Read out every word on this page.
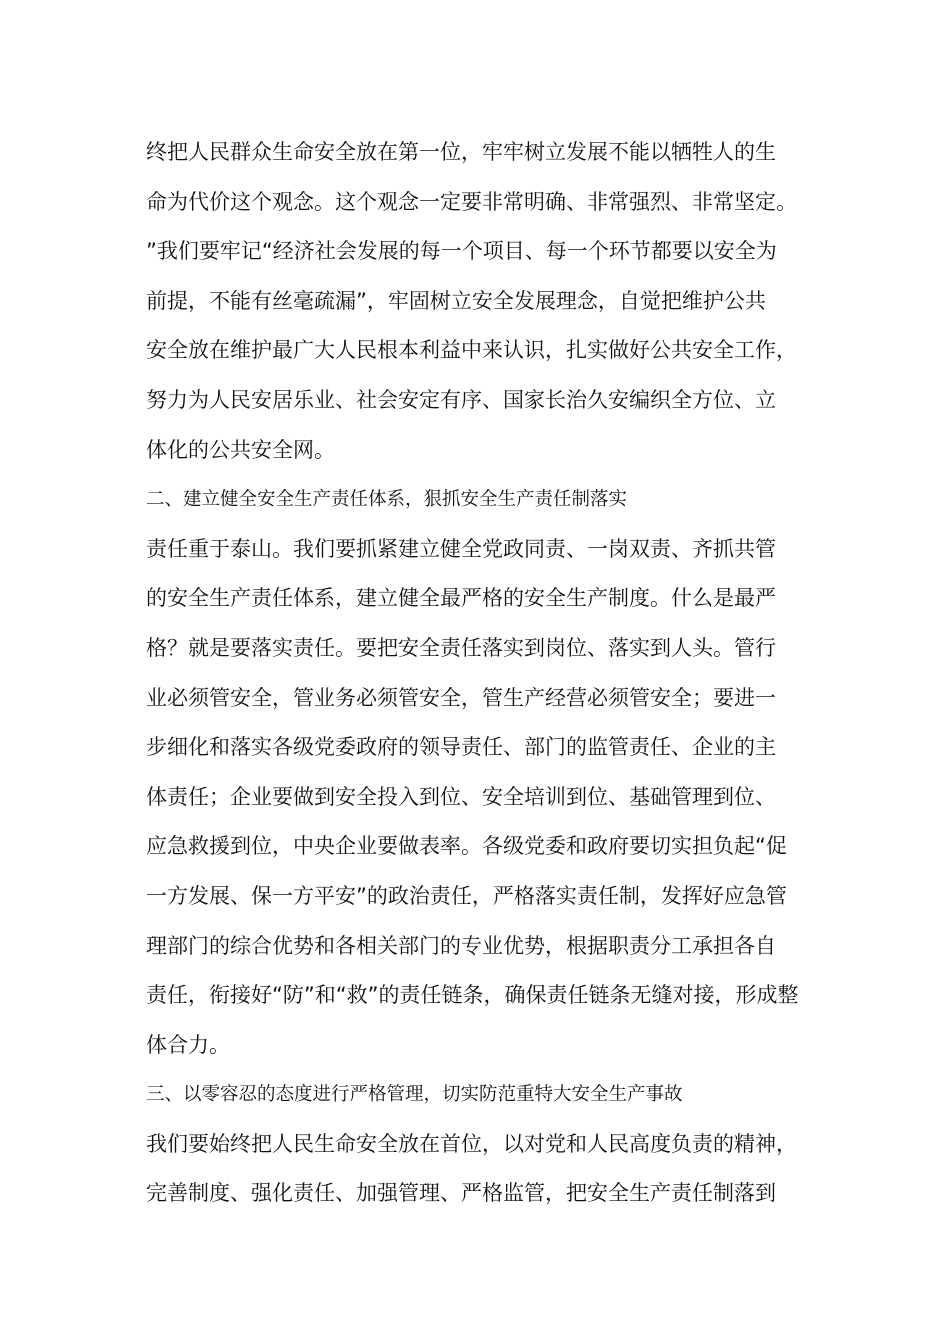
终把人民群众生命安全放在第一位，牢牢树立发展不能以牺牲人的生
命为代价这个观念。这个观念一定要非常明确、非常强烈、非常坚定。
”我们要牢记“经济社会发展的每一个项目、每一个环节都要以安全为
前提，不能有丝毫疏漏”，牢固树立安全发展理念，自觉把维护公共
安全放在维护最广大人民根本利益中来认识，扎实做好公共安全工作，
努力为人民安居乐业、社会安定有序、国家长治久安编织全方位、立
体化的公共安全网。
二、建立健全安全生产责任体系，狠抓安全生产责任制落实
责任重于泰山。我们要抓紧建立健全党政同责、一岗双责、齐抓共管
的安全生产责任体系，建立健全最严格的安全生产制度。什么是最严
格？就是要落实责任。要把安全责任落实到岗位、落实到人头。管行
业必须管安全，管业务必须管安全，管生产经营必须管安全；要进一
步细化和落实各级党委政府的领导责任、部门的监管责任、企业的主
体责任；企业要做到安全投入到位、安全培训到位、基础管理到位、
应急救援到位，中央企业要做表率。各级党委和政府要切实担负起“促
一方发展、保一方平安”的政治责任，严格落实责任制，发挥好应急管
理部门的综合优势和各相关部门的专业优势，根据职责分工承担各自
责任，衔接好“防”和“救”的责任链条，确保责任链条无缝对接，形成整
体合力。
三、以零容忍的态度进行严格管理，切实防范重特大安全生产事故
我们要始终把人民生命安全放在首位，以对党和人民高度负责的精神，
完善制度、强化责任、加强管理、严格监管，把安全生产责任制落到
